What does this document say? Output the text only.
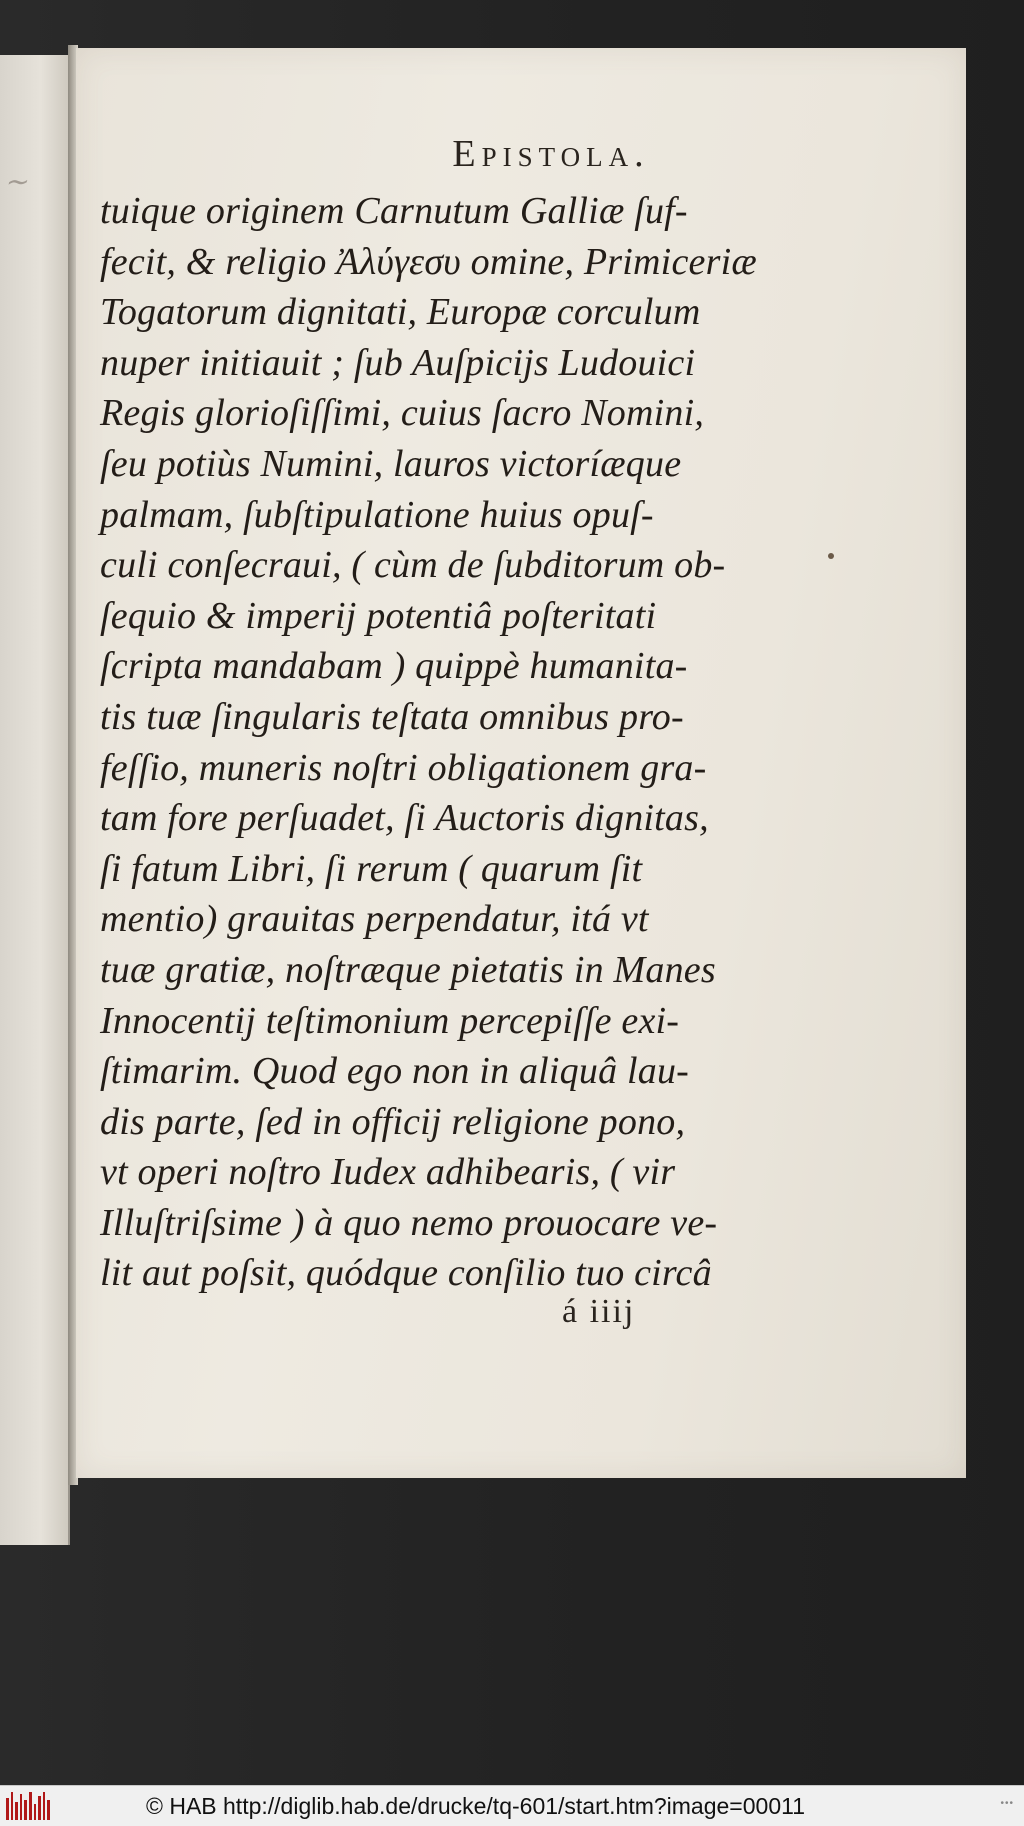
∼
Epistola.
tuique originem Carnutum Galliæ ſuf-
fecit, & religio Ἀλύγεσυ omine, Primiceriæ
Togatorum dignitati, Europæ corculum
nuper initiauit ; ſub Auſpicijs Ludouici
Regis glorioſiſſimi, cuius ſacro Nomini,
ſeu potiùs Numini, lauros victoríæque
palmam, ſubſtipulatione huius opuſ-
culi conſecraui, ( cùm de ſubditorum ob-
ſequio & imperij potentiâ poſteritati
ſcripta mandabam ) quippè humanita-
tis tuæ ſingularis teſtata omnibus pro-
feſſio, muneris noſtri obligationem gra-
tam fore perſuadet, ſi Auctoris dignitas,
ſi fatum Libri, ſi rerum ( quarum ſit
mentio) grauitas perpendatur, itá vt
tuæ gratiæ, noſtræque pietatis in Manes
Innocentij teſtimonium percepiſſe exi-
ſtimarim. Quod ego non in aliquâ lau-
dis parte, ſed in officij religione pono,
vt operi noſtro Iudex adhibearis, ( vir
Illuſtriſsime ) à quo nemo prouocare ve-
lit aut poſsit, quódque conſilio tuo circâ
á iiij
© HAB http://diglib.hab.de/drucke/tq-601/start.htm?image=00011	•••
